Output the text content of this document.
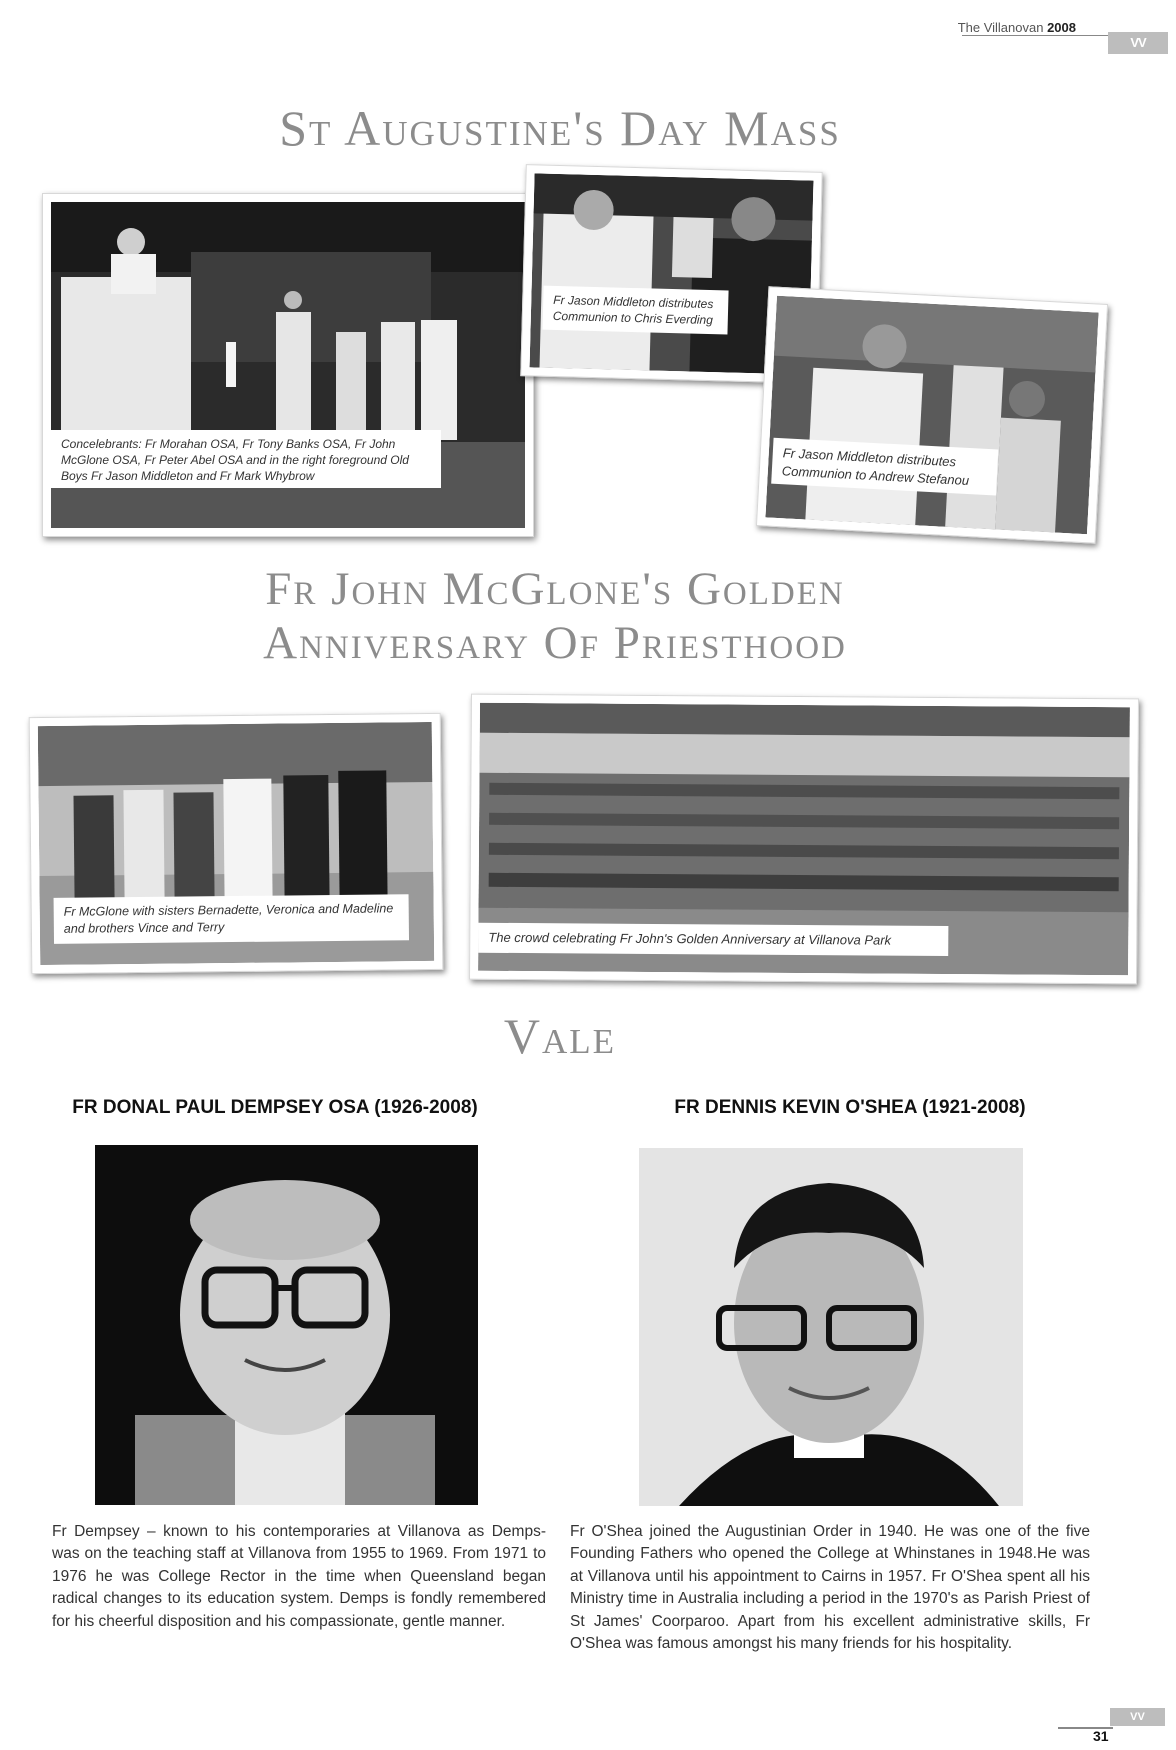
The Villanovan 2008
VV
St Augustine's Day Mass
Concelebrants: Fr Morahan OSA, Fr Tony Banks OSA, Fr John McGlone OSA, Fr Peter Abel OSA and in the right foreground Old Boys Fr Jason Middleton and Fr Mark Whybrow
Fr Jason Middleton distributes Communion to Chris Everding
Fr Jason Middleton distributes Communion to Andrew Stefanou
Fr John McGlone's Golden
Anniversary Of Priesthood
Fr McGlone with sisters Bernadette, Veronica and Madeline and brothers Vince and Terry
The crowd celebrating Fr John's Golden Anniversary at Villanova Park
Vale
FR DONAL PAUL DEMPSEY OSA (1926-2008)
Fr Dempsey – known to his contemporaries at Villanova as Demps- was on the teaching staff at Villanova from 1955 to 1969. From 1971 to 1976 he was College Rector in the time when Queensland began radical changes to its education system. Demps is fondly remembered for his cheerful disposition and his compassionate, gentle manner.
FR DENNIS KEVIN O'SHEA (1921-2008)
Fr O'Shea joined the Augustinian Order in 1940. He was one of the five Founding Fathers who opened the College at Whinstanes in 1948.He was at Villanova until his appointment to Cairns in 1957. Fr O'Shea spent all his Ministry time in Australia including a period in the 1970's as Parish Priest of St James' Coorparoo. Apart from his excellent administrative skills, Fr O'Shea was famous amongst his many friends for his hospitality.
VV
31
